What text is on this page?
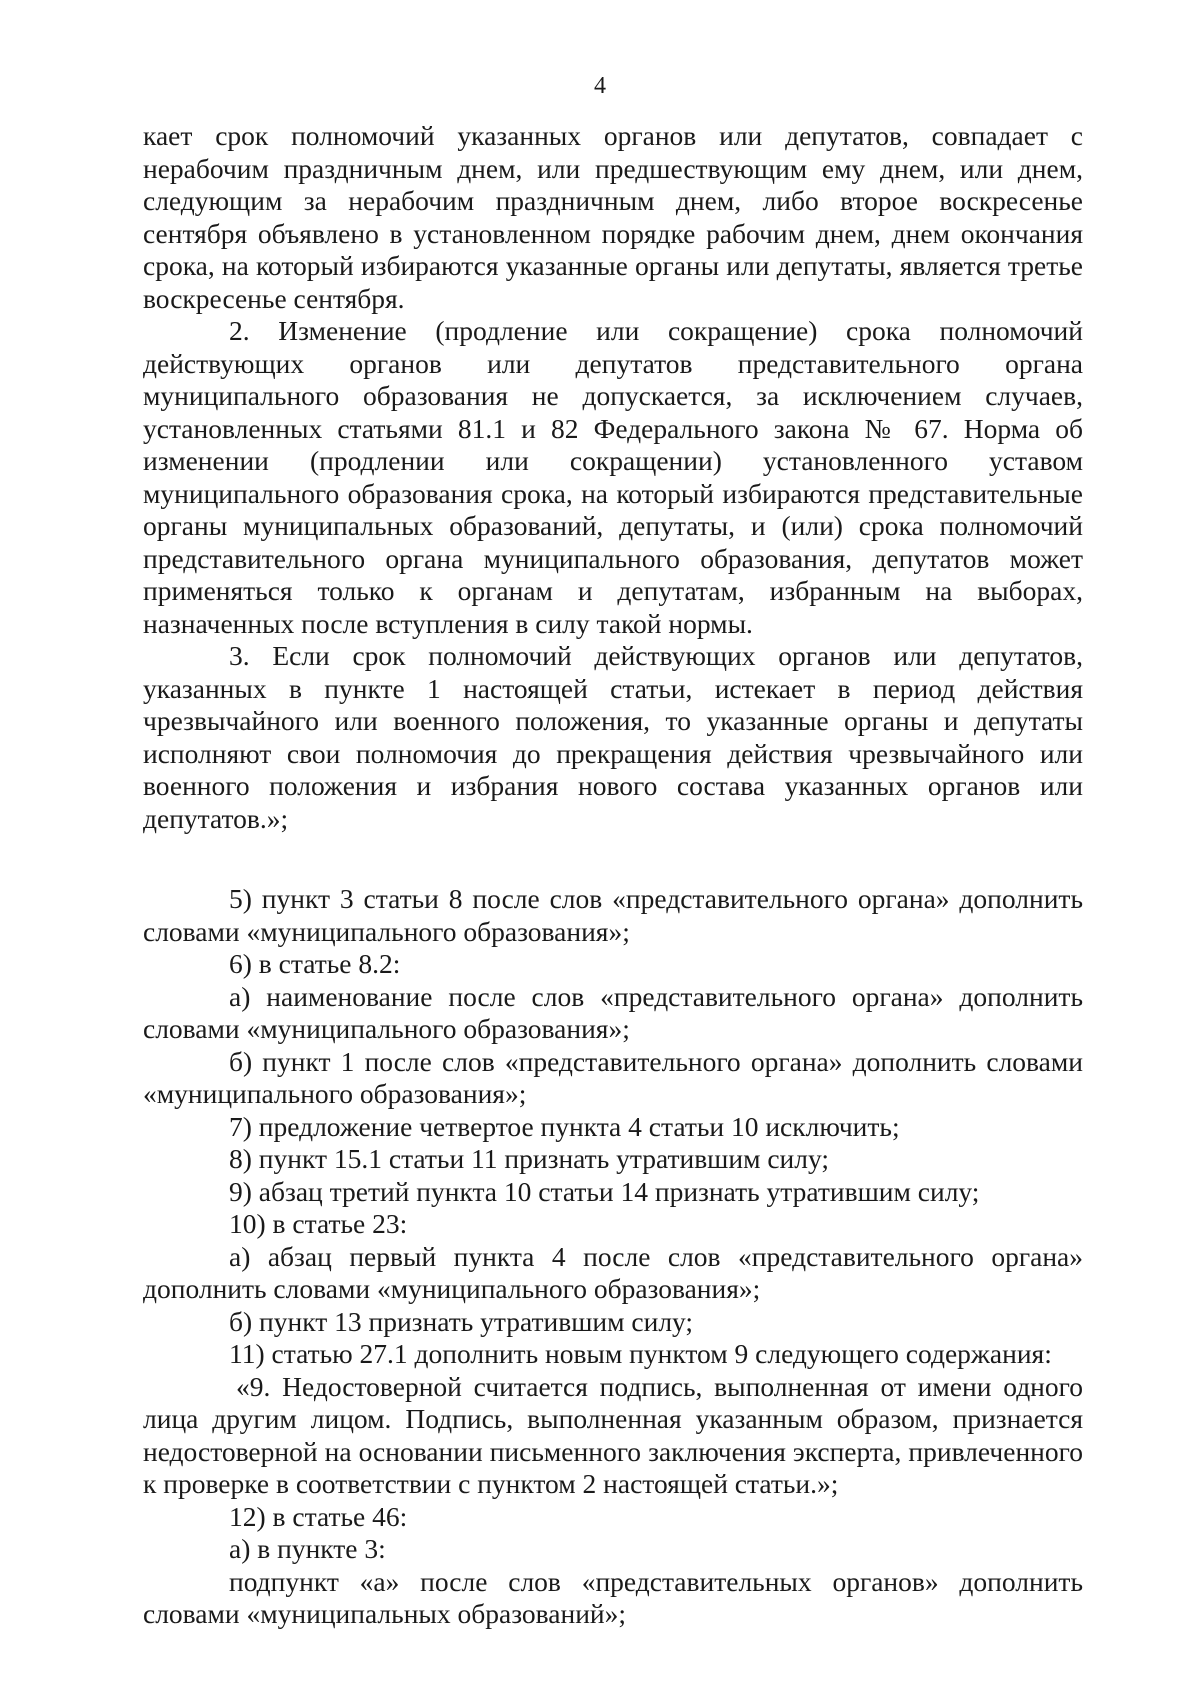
4

кает срок полномочий указанных органов или депутатов, совпадает с нерабочим праздничным днем, или предшествующим ему днем, или днем, следующим за нерабочим праздничным днем, либо второе воскресенье сентября объявлено в установленном порядке рабочим днем, днем окончания срока, на который избираются указанные органы или депутаты, является третье воскресенье сентября.

2. Изменение (продление или сокращение) срока полномочий действующих органов или депутатов представительного органа муниципального образования не допускается, за исключением случаев, установленных статьями 81.1 и 82 Федерального закона № 67. Норма об изменении (продлении или сокращении) установленного уставом муниципального образования срока, на который избираются представительные органы муниципальных образований, депутаты, и (или) срока полномочий представительного органа муниципального образования, депутатов может применяться только к органам и депутатам, избранным на выборах, назначенных после вступления в силу такой нормы.

3. Если срок полномочий действующих органов или депутатов, указанных в пункте 1 настоящей статьи, истекает в период действия чрезвычайного или военного положения, то указанные органы и депутаты исполняют свои полномочия до прекращения действия чрезвычайного или военного положения и избрания нового состава указанных органов или депутатов.»;

5) пункт 3 статьи 8 после слов «представительного органа» дополнить словами «муниципального образования»;

6) в статье 8.2:

а) наименование после слов «представительного органа» дополнить словами «муниципального образования»;

б) пункт 1 после слов «представительного органа» дополнить словами «муниципального образования»;

7) предложение четвертое пункта 4 статьи 10 исключить;

8) пункт 15.1 статьи 11 признать утратившим силу;

9) абзац третий пункта 10 статьи 14 признать утратившим силу;

10) в статье 23:

а) абзац первый пункта 4 после слов «представительного органа» дополнить словами «муниципального образования»;

б) пункт 13 признать утратившим силу;

11) статью 27.1 дополнить новым пунктом 9 следующего содержания:

«9. Недостоверной считается подпись, выполненная от имени одного лица другим лицом. Подпись, выполненная указанным образом, признается недостоверной на основании письменного заключения эксперта, привлеченного к проверке в соответствии с пунктом 2 настоящей статьи.»;

12) в статье 46:

а) в пункте 3:

подпункт «а» после слов «представительных органов» дополнить словами «муниципальных образований»;
